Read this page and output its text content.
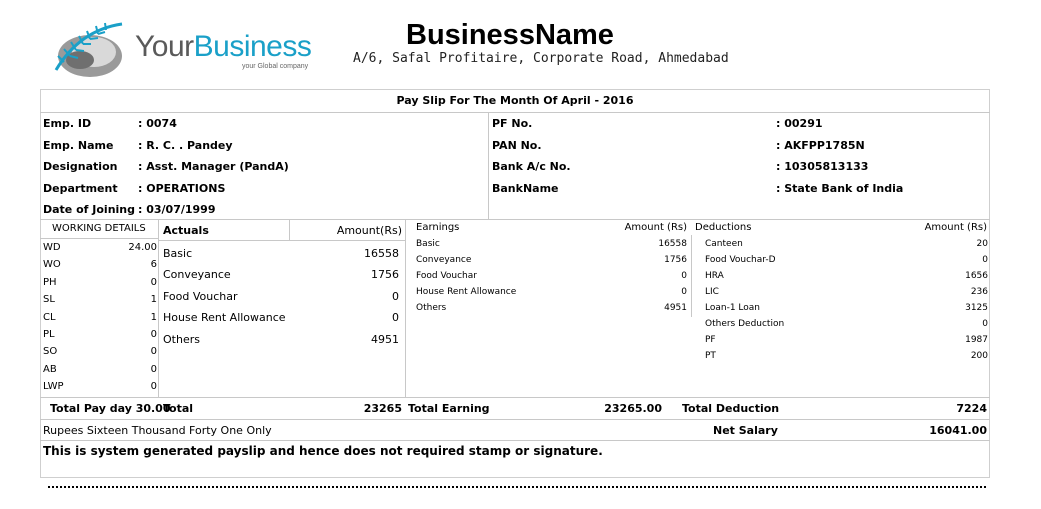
YourBusiness
your Global company
BusinessName
A/6, Safal Profitaire, Corporate Road, Ahmedabad
Pay Slip For The Month Of April - 2016
Emp. ID	: 0074
Emp. Name : R. C. . Pandey
Designation : Asst. Manager (PandA)
Department : OPERATIONS
Date of Joining : 03/07/1999
PF No.	: 00291
PAN No.	: AKFPP1785N
Bank A/c No.	: 10305813133
BankName	: State Bank of India
WORKING DETAILS
WD	24.00
WO	6
PH	0
SL	1
CL	1
PL	0
SO	0
AB	0
LWP	0
Total Pay day 30.00
Actuals	Amount(Rs)
Basic	16558
Conveyance	1756
Food Vouchar	0
House Rent Allowance	0
Others	4951
Total	23265
Earnings	Amount (Rs)
Basic	16558
Conveyance	1756
Food Vouchar	0
House Rent Allowance	0
Others	4951
Total Earning	23265.00
Deductions	Amount (Rs)
Canteen	20
Food Vouchar-D	0
HRA	1656
LIC	236
Loan-1 Loan	3125
Others Deduction	0
PF	1987
PT	200
Total Deduction	7224
Rupees Sixteen Thousand Forty One Only	Net Salary	16041.00
This is system generated payslip and hence does not required stamp or signature.
